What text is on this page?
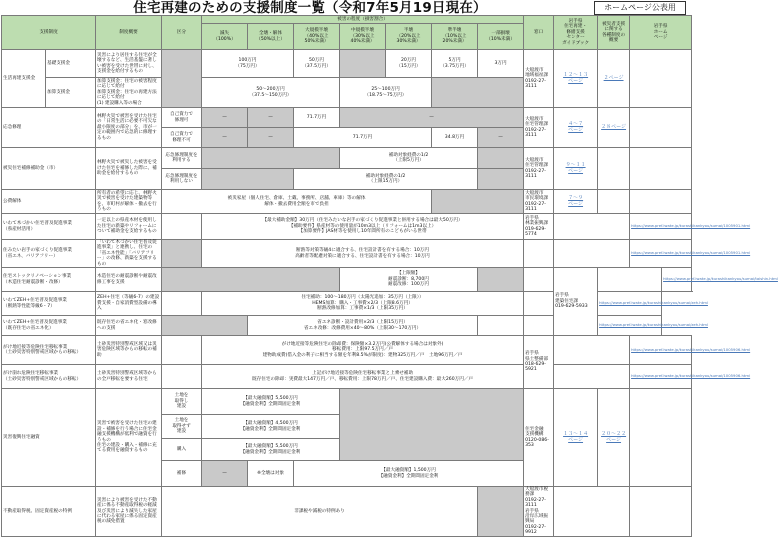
住宅再建のための支援制度一覧（令和7年5月19日現在）	ホームページ公表用
支援制度		制度概要	区分	被害の程度（損害割合）							窓口	岩手県
住宅再建・
修繕支援
センター
ガイドブック	被災者支援
に関する
各種制度の
概要	岩手県
ホーム
ページ		
				滅失
（100%）	全壊・解体
（50%以上）	大規模半壊
（40%以上
50%未満）	中規模半壊
（30%以上
40%未満）	半壊
（20%以上
30%未満）	準半壊
（10%以上
20%未満）	一部損壊
（10%未満）						
生活再建支援金	基礎支援金	災害により居住する住宅が全壊するなど、生活基盤に著しい被害を受けた世帯に対し、支援金を給付するもの		100万円
（75万円）		50万円
（37.5万円）		20万円
（15万円）	5万円
（3.75万円）	3万円	大船渡市
地域福祉課
0192-27-3111	１２～１３
ページ	２ページ			
	加算支援金	加算支援金：住宅の被害程度に応じて給付
加算支援金：住宅の再建方法に応じて給付
(1) 建設購入等の場合		50〜200万円
（37.5〜150万円）			25〜100万円
（18.75〜75万円）									
応急修理		林野火災で被害を受けた住宅の「日常生活に必要不可欠な最小限度の部分」を、市が一定の範囲内で応急的に修理するもの	自己資力で
修理可	—	—	71.7万円	—				大船渡市
住宅管理課
0192-27-3111	４～７
ページ	２８ページ			
			自己資力で
修理不可	—	—	71.7万円			34.8万円	—						
被災住宅補修補助金（市）		林野火災で被災した被害を受けた住宅を補修した際に、補助金を給付するもの	応急修理制度を
利用する				補助対象経費の1/2
（上限5万円）				大船渡市
住宅管理課
0192-27-3111	９～１１
ページ				
			応急修理制度を
利用しない			補助対象経費の1/2
（上限15万円）										
公費解体		所有者の希望に応じ、林野火災で被害を受けた建築物等を、市町村が解体・撤去を行うもの	被災家屋（個人住宅、倉庫、土蔵、事務所、店舗、車庫）等の解体
解体・撤去費用全額を市で負担								大船渡市
市民環境課
0192-27-3111	７～９
ページ				
いわて木づかい住宅普及促進事業
（県産材活用）		一定以上の県産木材を使用した住宅の新築やリフォームについて補助金を支給するもの		【最大補助金額】30万円（住宅みたいな岩手の家づくり促進事業と併用する場合は最大50万円）
【補助要件】県産材等の使用量が10m3以上（リフォームは1m3以上）
【加算要件】JAS材等を使用し10年間所有のこどもがいる世帯							岩手県
林業振興課
019-629-5774			https://www.pref.iwate.jp/kurashikankyou/sumai/1005901.html		
住みたい岩手の家づくり促進事業
（省エネ、バリアフリー）		「いわて木づかい住宅普及促進事業」と連携し、住宅の「省エネ性能」「バリアフリー」の改修、新築を支援するもの		断熱等対策等級4に適合する、住宅設計書を有する場合：10万円
高齢者等配慮対策に適合する、住宅設計書を有する場合：10万円										https://www.pref.iwate.jp/kurashikankyou/sumai/1005901.html		
住宅ストックリノベーション事業
（木造住宅耐震診断・改修）		木造住宅の耐震診断や耐震改修工事を支援					【上限額】
耐震診断：8,700円
耐震改修：100万円					岩手県
建築住宅課
019-629-5933			https://www.pref.iwate.jp/kurashikankyou/sumai/taishin.html	
いわてZEH+住宅普及促進事業
（断熱等性能等級6・7）		ZEH+住宅（等級6-7）の建設費支援・自家消費型設備の導入		住宅補助：100〜180万円（太陽光追加：35万円（上限））
HEMS加算：購入・工事費×2/3（上限8.6万円）
断熱改修加算：工事費×1/3（上限35万円）									https://www.pref.iwate.jp/kurashikankyou/sumai/zeh.html			
いわてZEH+住宅普及促進事業
（既存住宅の省エネ化）		既存住宅の省エネ化・窓改修への支援			省エネ診断・設計費用×2/3（上限15万円）
省エネ改修：改修費用×40〜80%（上限30〜170万円）								https://www.pref.iwate.jp/kurashikankyou/sumai/zeh.html			
がけ地近接等危険住宅移転事業
（土砂災害特別警戒区域からの移転）		土砂災害特別警戒区域又は災害危険区域等からの移転の補助		がけ地近接等危険住宅の除却費：保険額×3.2万円(公費解体する場合は対象外)
移転費用：上限97.5万円／戸
建物助成費(借入金の利子に相当する額を年利8.5%が限度)：建物325万円／戸　土地96万円／戸							岩手県
県土整備部
018-629-5921			https://www.pref.iwate.jp/kurashikankyou/sumai/1005906.html		
がけ崩れ危険住宅移転事業
（土砂災害特別警戒区域からの移転）		土砂災害特別警戒区域等からの全戸移転を要する住宅		上記がけ地近接等危険住宅移転事業と上乗せ補助
既存住宅の除却：実費最大147万円／戸、移転費用：上限78万円／戸、住宅建設購入費：最大260万円／戸										https://www.pref.iwate.jp/kurashikankyou/sumai/1005906.html		
災害復興住宅融資		災害で被害を受けた住宅の建設・補修を行う場合に住宅金融支援機構が低利で融資を行うもの
住宅の建設・購入・補修に充てる費用を融資するもの	土地を
取得し
建設	【最大融資額】5,500万円
【融資金利】全期間固定金利							住宅金融
支援機構
0120-086-353	１３～１４
ページ	２０～２２
ページ			
			土地を
取得せず
建設	【最大融資額】4,500万円
【融資金利】全期間固定金利												
			購入	【最大融資額】5,500万円
【融資金利】全期間固定金利												
			補修	—	※全壊は対象	【最大融資額】1,500万円
【融資金利】全期間固定金利										
不動産取得税、固定資産税の特例		災害により被害を受けた不動産に係る不動産取得税の軽減及び災害により滅失した家屋に代わる家屋に係る固定資産税の減免措置	非課税や減税の特例あり								大船渡市税務課
0192-27-3111
岩手県
沿岸広域振興局
0192-27-9912					
